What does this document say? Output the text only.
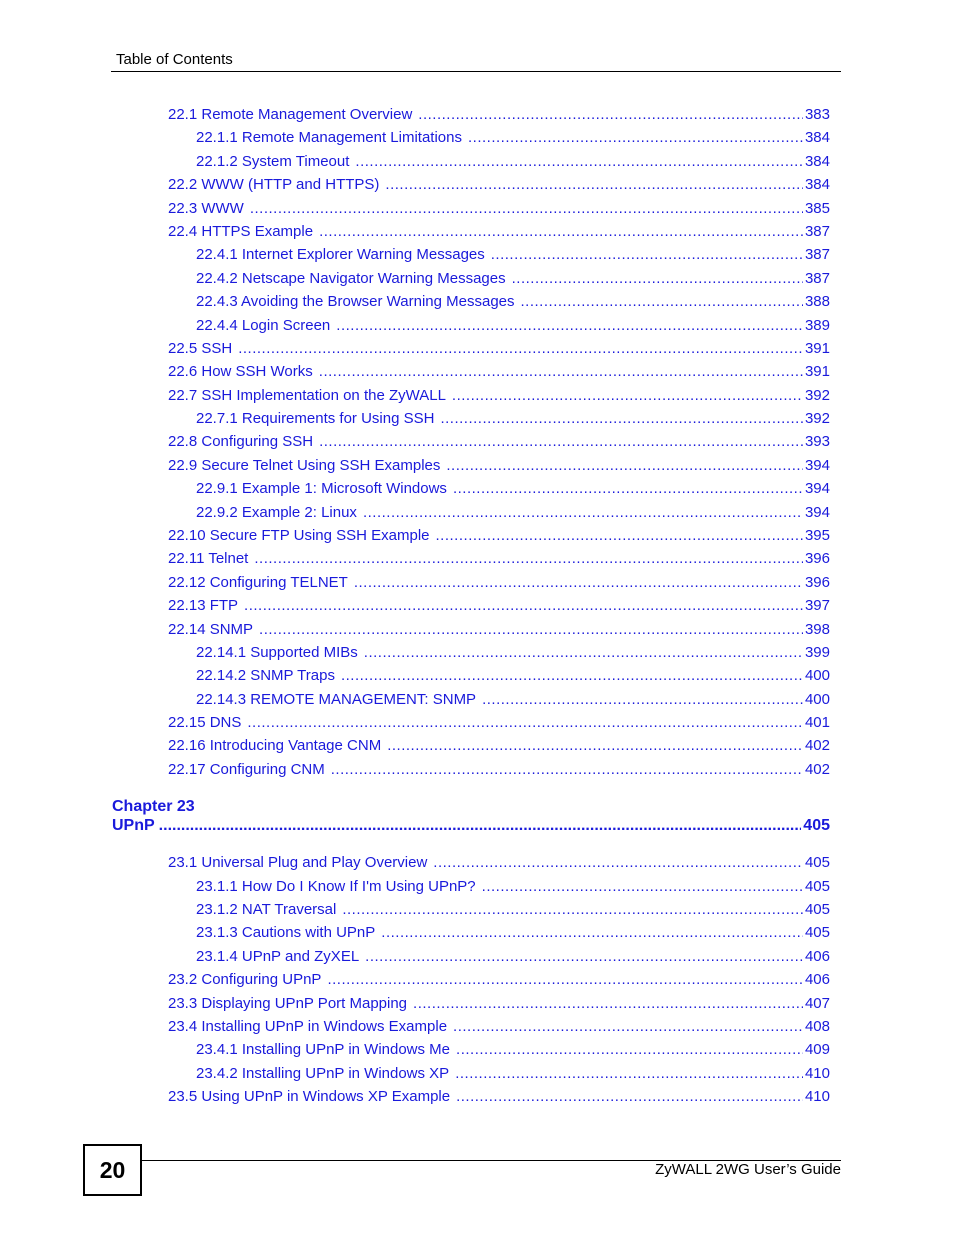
Table of Contents
22.1 Remote Management Overview .....	383
22.1.1 Remote Management Limitations .....	384
22.1.2 System Timeout .....	384
22.2 WWW (HTTP and HTTPS) .....	384
22.3 WWW .....	385
22.4 HTTPS Example .....	387
22.4.1 Internet Explorer Warning Messages .....	387
22.4.2 Netscape Navigator Warning Messages .....	387
22.4.3 Avoiding the Browser Warning Messages .....	388
22.4.4 Login Screen .....	389
22.5 SSH .....	391
22.6 How SSH Works .....	391
22.7 SSH Implementation on the ZyWALL .....	392
22.7.1 Requirements for Using SSH .....	392
22.8 Configuring SSH .....	393
22.9 Secure Telnet Using SSH Examples .....	394
22.9.1 Example 1: Microsoft Windows .....	394
22.9.2 Example 2: Linux .....	394
22.10 Secure FTP Using SSH Example .....	395
22.11 Telnet .....	396
22.12 Configuring TELNET .....	396
22.13 FTP .....	397
22.14 SNMP .....	398
22.14.1 Supported MIBs .....	399
22.14.2 SNMP Traps .....	400
22.14.3 REMOTE MANAGEMENT: SNMP .....	400
22.15 DNS .....	401
22.16 Introducing Vantage CNM .....	402
22.17 Configuring CNM .....	402
Chapter 23
UPnP .....	405
23.1 Universal Plug and Play Overview .....	405
23.1.1 How Do I Know If I'm Using UPnP? .....	405
23.1.2 NAT Traversal .....	405
23.1.3 Cautions with UPnP .....	405
23.1.4 UPnP and ZyXEL .....	406
23.2 Configuring UPnP .....	406
23.3 Displaying UPnP Port Mapping .....	407
23.4 Installing UPnP in Windows Example .....	408
23.4.1 Installing UPnP in Windows Me .....	409
23.4.2 Installing UPnP in Windows XP .....	410
23.5 Using UPnP in Windows XP Example .....	410
20	ZyWALL 2WG User’s Guide
